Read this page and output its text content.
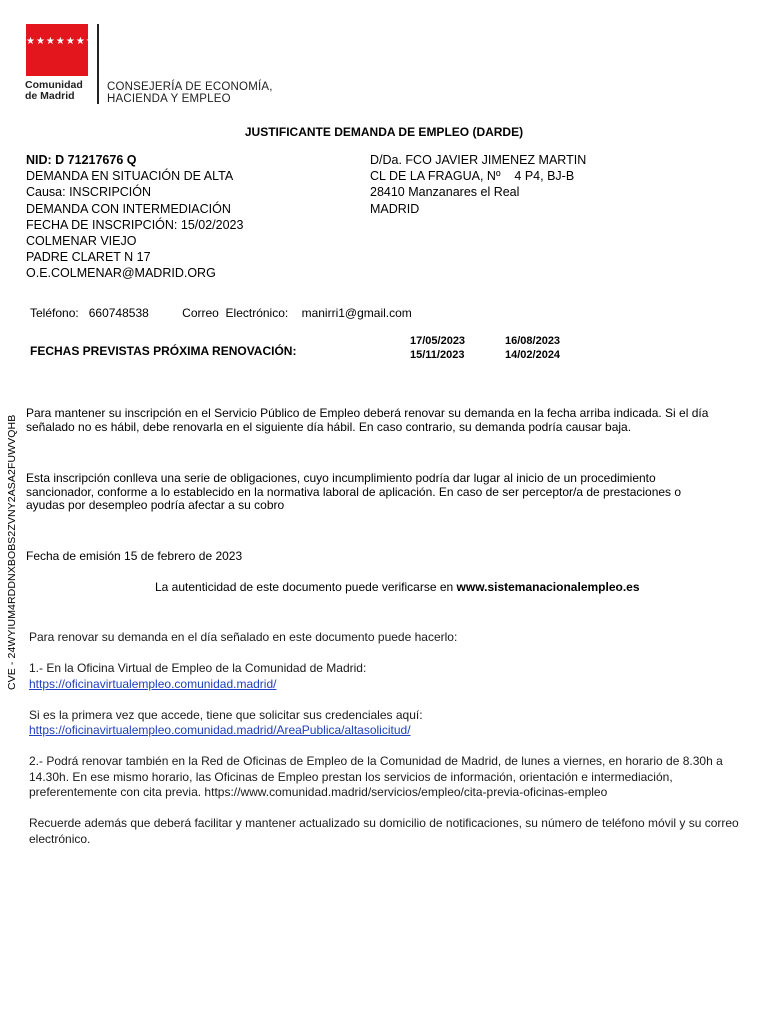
★★★★★★★
Comunidad
de Madrid
CONSEJERÍA DE ECONOMÍA,
HACIENDA Y EMPLEO
JUSTIFICANTE DEMANDA DE EMPLEO (DARDE)
NID: D 71217676 Q
DEMANDA EN SITUACIÓN DE ALTA
Causa: INSCRIPCIÓN
DEMANDA CON INTERMEDIACIÓN
FECHA DE INSCRIPCIÓN: 15/02/2023
COLMENAR VIEJO
PADRE CLARET N 17
O.E.COLMENAR@MADRID.ORG
D/Da. FCO JAVIER JIMENEZ MARTIN
CL DE LA FRAGUA, Nº    4 P4, BJ-B
28410 Manzanares el Real
MADRID
Teléfono: 660748538	Correo  Electrónico: manirri1@gmail.com
FECHAS PREVISTAS PRÓXIMA RENOVACIÓN:
17/05/2023	16/08/2023
15/11/2023	14/02/2024
CVE - 24WYIUM4RDDNXBOBS2ZVNY2ASA2FUWVQHB
Para mantener su inscripción en el Servicio Público de Empleo deberá renovar su demanda en la fecha arriba indicada. Si el día señalado no es hábil, debe renovarla en el siguiente día hábil. En caso contrario, su demanda podría causar baja.
Esta inscripción conlleva una serie de obligaciones, cuyo incumplimiento podría dar lugar al inicio de un procedimiento sancionador, conforme a lo establecido en la normativa laboral de aplicación. En caso de ser perceptor/a de prestaciones o ayudas por desempleo podría afectar a su cobro
Fecha de emisión 15 de febrero de 2023
La autenticidad de este documento puede verificarse en www.sistemanacionalempleo.es

Para renovar su demanda en el día señalado en este documento puede hacerlo:

1.- En la Oficina Virtual de Empleo de la Comunidad de Madrid:

https://oficinavirtualempleo.comunidad.madrid/

Si es la primera vez que accede, tiene que solicitar sus credenciales aquí:

https://oficinavirtualempleo.comunidad.madrid/AreaPublica/altasolicitud/

2.- Podrá renovar también en la Red de Oficinas de Empleo de la Comunidad de Madrid, de lunes a viernes, en horario de 8.30h a 14.30h. En ese mismo horario, las Oficinas de Empleo prestan los servicios de información, orientación e intermediación, preferentemente con cita previa. https://www.comunidad.madrid/servicios/empleo/cita-previa-oficinas-empleo

Recuerde además que deberá facilitar y mantener actualizado su domicilio de notificaciones, su número de teléfono móvil y su correo electrónico.
